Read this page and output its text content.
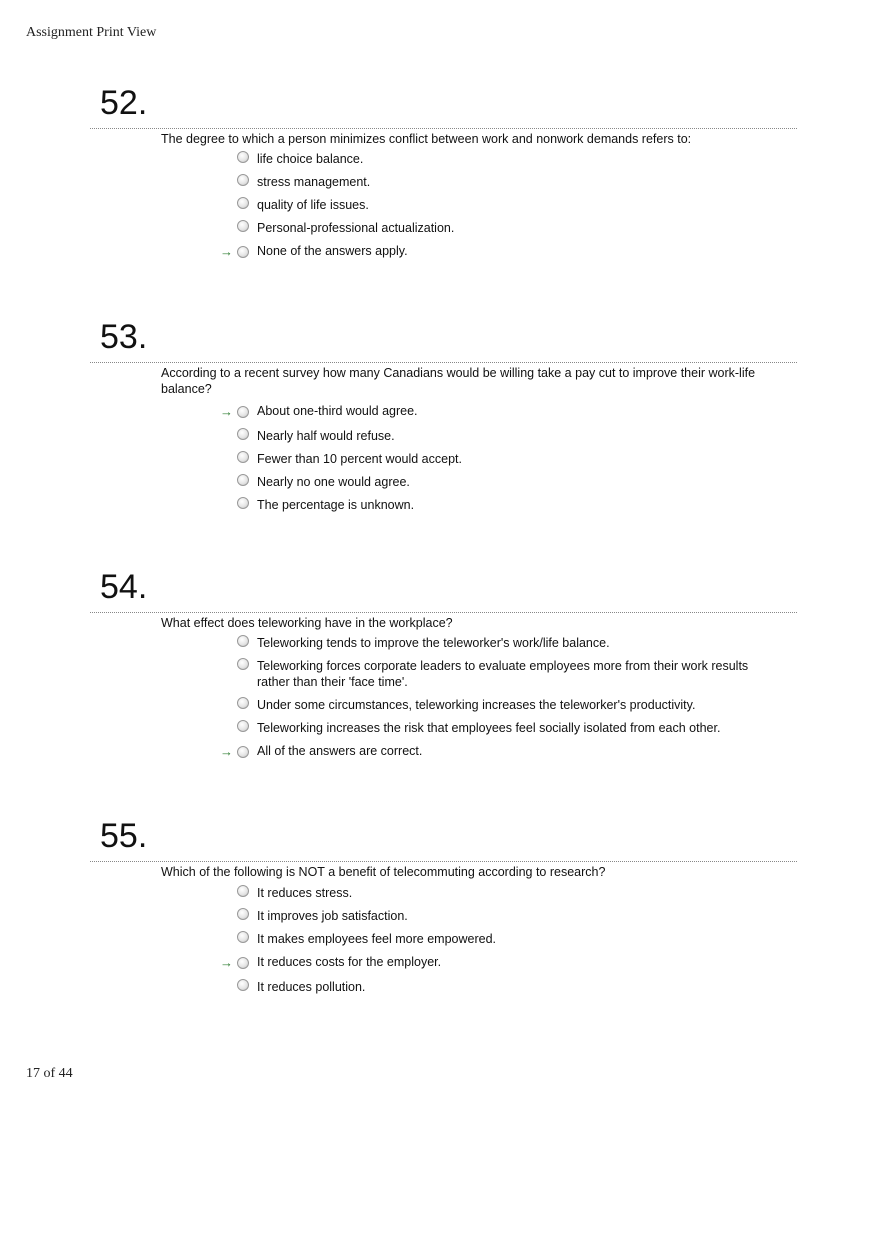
Assignment Print View
52.
The degree to which a person minimizes conflict between work and nonwork demands refers to:
life choice balance.
stress management.
quality of life issues.
Personal-professional actualization.
→ None of the answers apply.
53.
According to a recent survey how many Canadians would be willing take a pay cut to improve their work-life balance?
→ About one-third would agree.
Nearly half would refuse.
Fewer than 10 percent would accept.
Nearly no one would agree.
The percentage is unknown.
54.
What effect does teleworking have in the workplace?
Teleworking tends to improve the teleworker's work/life balance.
Teleworking forces corporate leaders to evaluate employees more from their work results rather than their 'face time'.
Under some circumstances, teleworking increases the teleworker's productivity.
Teleworking increases the risk that employees feel socially isolated from each other.
→ All of the answers are correct.
55.
Which of the following is NOT a benefit of telecommuting according to research?
It reduces stress.
It improves job satisfaction.
It makes employees feel more empowered.
→ It reduces costs for the employer.
It reduces pollution.
17 of 44
